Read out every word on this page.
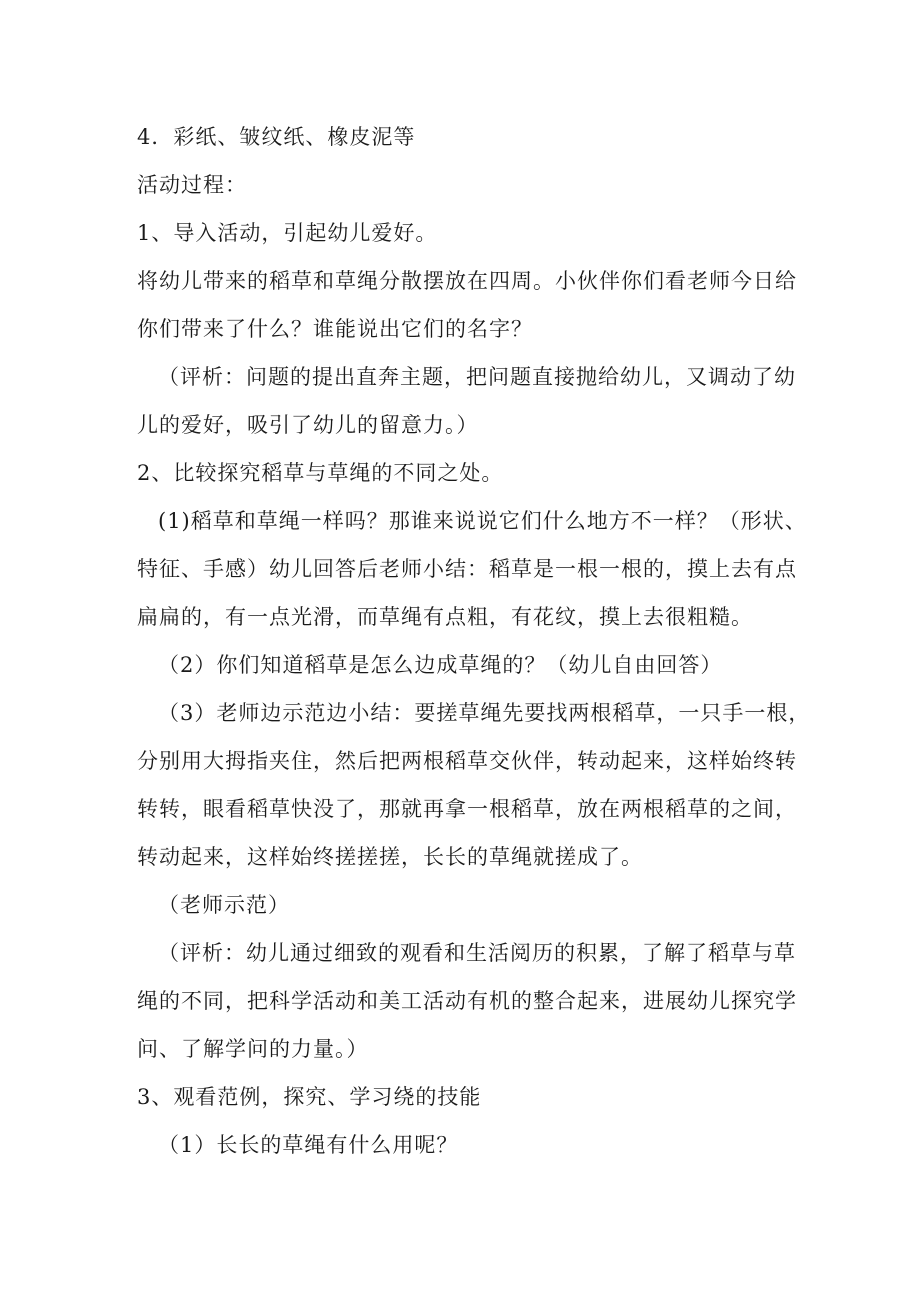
4．彩纸、皱纹纸、橡皮泥等
活动过程：
1、导入活动，引起幼儿爱好。
将幼儿带来的稻草和草绳分散摆放在四周。小伙伴你们看老师今日给
你们带来了什么？谁能说出它们的名字？
（评析：问题的提出直奔主题，把问题直接抛给幼儿，又调动了幼
儿的爱好，吸引了幼儿的留意力。）
2、比较探究稻草与草绳的不同之处。
(1)稻草和草绳一样吗？那谁来说说它们什么地方不一样？（形状、
特征、手感）幼儿回答后老师小结：稻草是一根一根的，摸上去有点
扁扁的，有一点光滑，而草绳有点粗，有花纹，摸上去很粗糙。
（2）你们知道稻草是怎么边成草绳的？（幼儿自由回答）
（3）老师边示范边小结：要搓草绳先要找两根稻草，一只手一根，
分别用大拇指夹住，然后把两根稻草交伙伴，转动起来，这样始终转
转转，眼看稻草快没了，那就再拿一根稻草，放在两根稻草的之间，
转动起来，这样始终搓搓搓，长长的草绳就搓成了。
（老师示范）
（评析：幼儿通过细致的观看和生活阅历的积累，了解了稻草与草
绳的不同，把科学活动和美工活动有机的整合起来，进展幼儿探究学
问、了解学问的力量。）
3、观看范例，探究、学习绕的技能
（1）长长的草绳有什么用呢？
